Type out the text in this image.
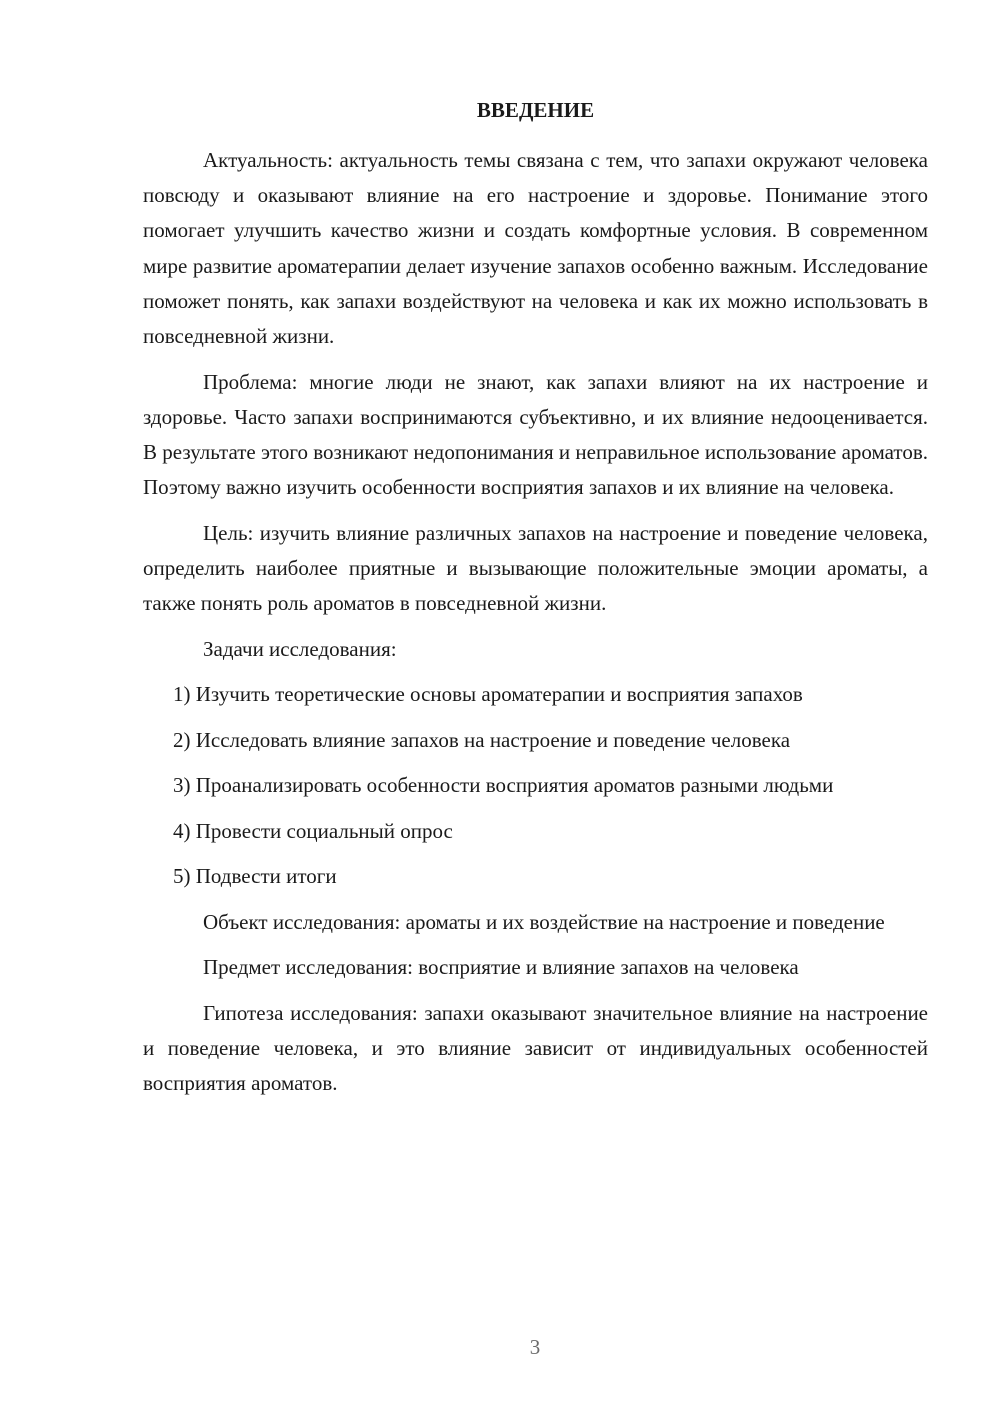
ВВЕДЕНИЕ

Актуальность: актуальность темы связана с тем, что запахи окружают человека повсюду и оказывают влияние на его настроение и здоровье. Понимание этого помогает улучшить качество жизни и создать комфортные условия. В современном мире развитие ароматерапии делает изучение запахов особенно важным. Исследование поможет понять, как запахи воздействуют на человека и как их можно использовать в повседневной жизни.

Проблема: многие люди не знают, как запахи влияют на их настроение и здоровье. Часто запахи воспринимаются субъективно, и их влияние недооценивается. В результате этого возникают недопонимания и неправильное использование ароматов. Поэтому важно изучить особенности восприятия запахов и их влияние на человека.

Цель: изучить влияние различных запахов на настроение и поведение человека, определить наиболее приятные и вызывающие положительные эмоции ароматы, а также понять роль ароматов в повседневной жизни.

Задачи исследования:

1) Изучить теоретические основы ароматерапии и восприятия запахов

2) Исследовать влияние запахов на настроение и поведение человека

3) Проанализировать особенности восприятия ароматов разными людьми

4) Провести социальный опрос

5) Подвести итоги

Объект исследования: ароматы и их воздействие на настроение и поведение

Предмет исследования: восприятие и влияние запахов на человека

Гипотеза исследования: запахи оказывают значительное влияние на настроение и поведение человека, и это влияние зависит от индивидуальных особенностей восприятия ароматов.

3
